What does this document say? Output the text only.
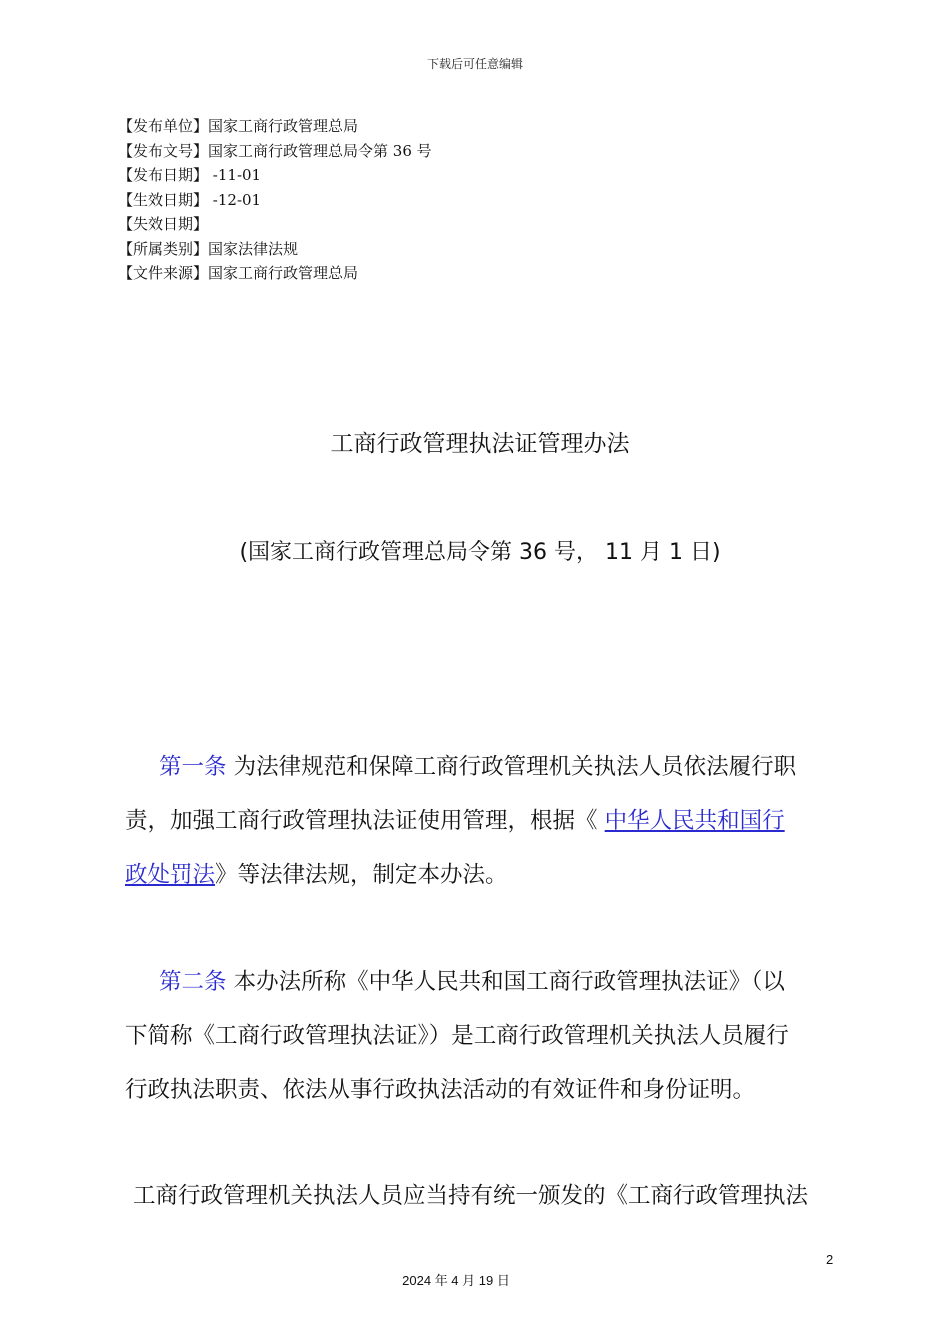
下载后可任意编辑
【发布单位】国家工商行政管理总局
【发布文号】国家工商行政管理总局令第 36 号
【发布日期】 -11-01
【生效日期】 -12-01
【失效日期】
【所属类别】国家法律法规
【文件来源】国家工商行政管理总局
工商行政管理执法证管理办法
(国家工商行政管理总局令第 36 号， 11 月 1 日)
第一条 为法律规范和保障工商行政管理机关执法人员依法履行职
责，加强工商行政管理执法证使用管理，根据《 中华人民共和国行
政处罚法》等法律法规，制定本办法。
第二条 本办法所称《中华人民共和国工商行政管理执法证》（以
下简称《工商行政管理执法证》）是工商行政管理机关执法人员履行
行政执法职责、依法从事行政执法活动的有效证件和身份证明。
工商行政管理机关执法人员应当持有统一颁发的《工商行政管理执法
2
2024 年 4 月 19 日
